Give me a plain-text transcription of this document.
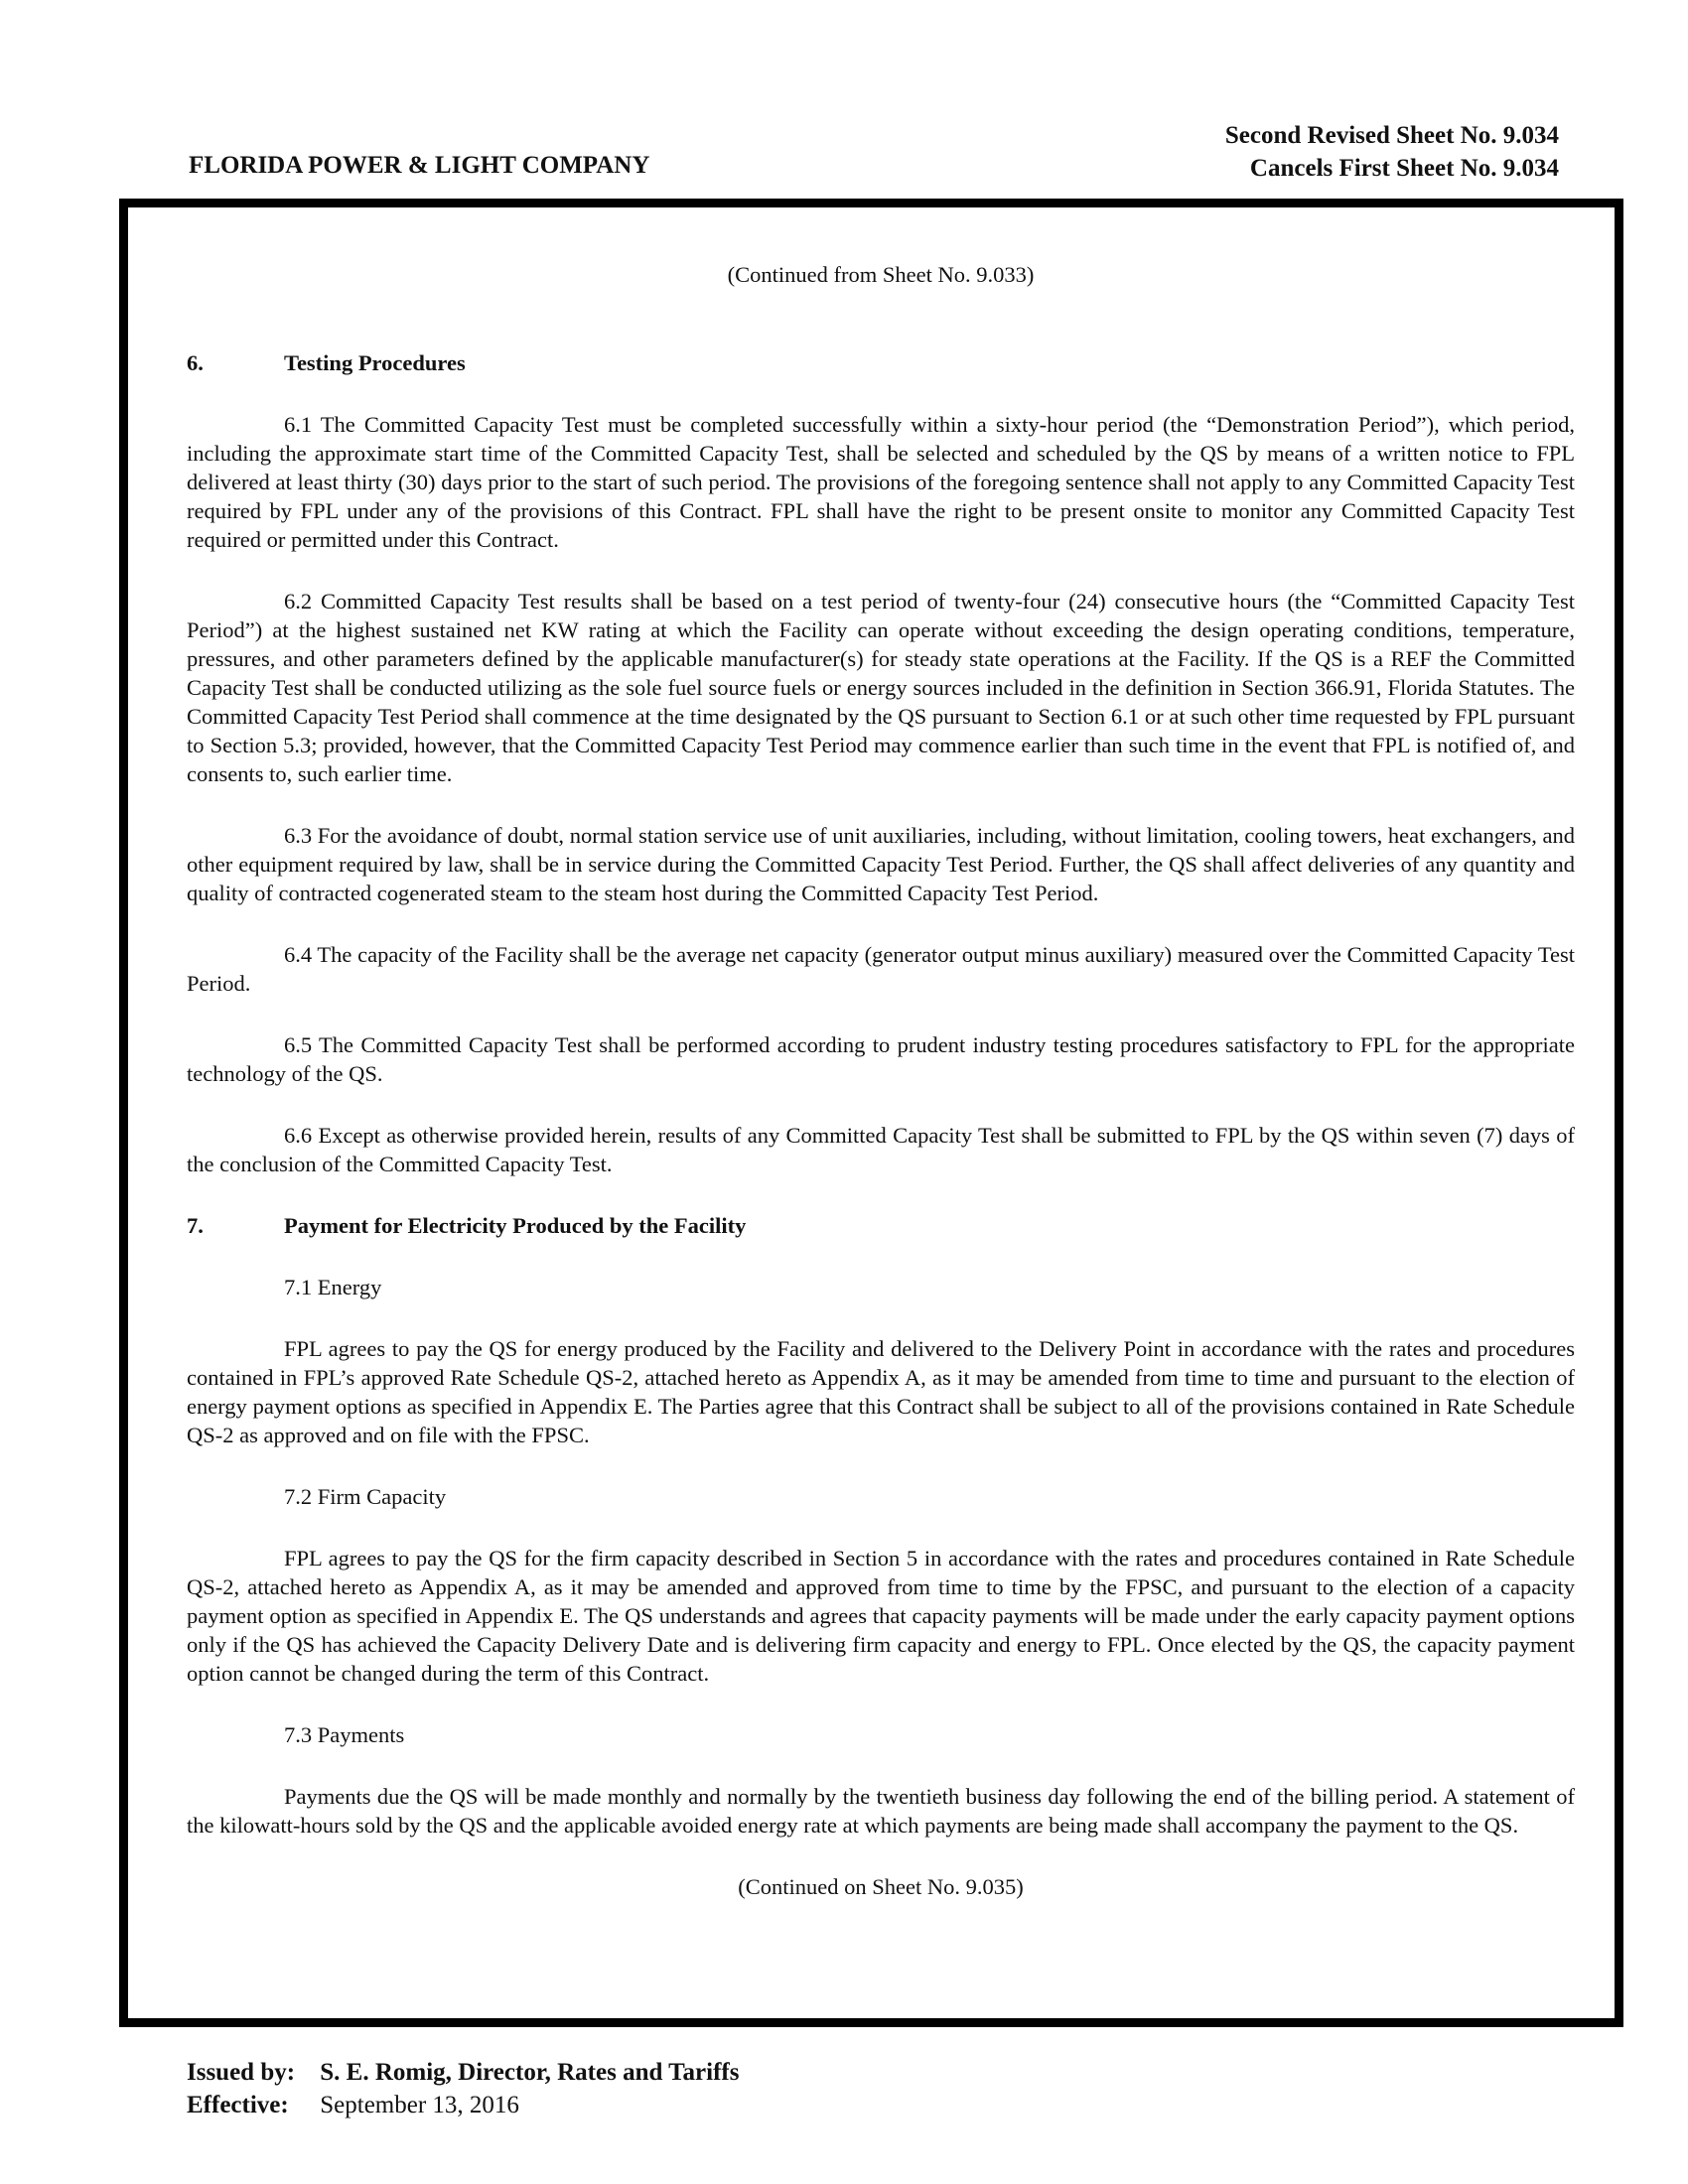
Second Revised Sheet No. 9.034
Cancels First Sheet No. 9.034
FLORIDA POWER & LIGHT COMPANY

(Continued from Sheet No. 9.033)

6.	Testing Procedures

6.1 The Committed Capacity Test must be completed successfully within a sixty-hour period (the “Demonstration Period”), which period, including the approximate start time of the Committed Capacity Test, shall be selected and scheduled by the QS by means of a written notice to FPL delivered at least thirty (30) days prior to the start of such period. The provisions of the foregoing sentence shall not apply to any Committed Capacity Test required by FPL under any of the provisions of this Contract. FPL shall have the right to be present onsite to monitor any Committed Capacity Test required or permitted under this Contract.

6.2 Committed Capacity Test results shall be based on a test period of twenty-four (24) consecutive hours (the “Committed Capacity Test Period”) at the highest sustained net KW rating at which the Facility can operate without exceeding the design operating conditions, temperature, pressures, and other parameters defined by the applicable manufacturer(s) for steady state operations at the Facility. If the QS is a REF the Committed Capacity Test shall be conducted utilizing as the sole fuel source fuels or energy sources included in the definition in Section 366.91, Florida Statutes. The Committed Capacity Test Period shall commence at the time designated by the QS pursuant to Section 6.1 or at such other time requested by FPL pursuant to Section 5.3; provided, however, that the Committed Capacity Test Period may commence earlier than such time in the event that FPL is notified of, and consents to, such earlier time.

6.3 For the avoidance of doubt, normal station service use of unit auxiliaries, including, without limitation, cooling towers, heat exchangers, and other equipment required by law, shall be in service during the Committed Capacity Test Period. Further, the QS shall affect deliveries of any quantity and quality of contracted cogenerated steam to the steam host during the Committed Capacity Test Period.

6.4 The capacity of the Facility shall be the average net capacity (generator output minus auxiliary) measured over the Committed Capacity Test Period.

6.5 The Committed Capacity Test shall be performed according to prudent industry testing procedures satisfactory to FPL for the appropriate technology of the QS.

6.6 Except as otherwise provided herein, results of any Committed Capacity Test shall be submitted to FPL by the QS within seven (7) days of the conclusion of the Committed Capacity Test.

7.	Payment for Electricity Produced by the Facility

7.1 Energy

FPL agrees to pay the QS for energy produced by the Facility and delivered to the Delivery Point in accordance with the rates and procedures contained in FPL’s approved Rate Schedule QS-2, attached hereto as Appendix A, as it may be amended from time to time and pursuant to the election of energy payment options as specified in Appendix E. The Parties agree that this Contract shall be subject to all of the provisions contained in Rate Schedule QS-2 as approved and on file with the FPSC.

7.2 Firm Capacity

FPL agrees to pay the QS for the firm capacity described in Section 5 in accordance with the rates and procedures contained in Rate Schedule QS-2, attached hereto as Appendix A, as it may be amended and approved from time to time by the FPSC, and pursuant to the election of a capacity payment option as specified in Appendix E. The QS understands and agrees that capacity payments will be made under the early capacity payment options only if the QS has achieved the Capacity Delivery Date and is delivering firm capacity and energy to FPL. Once elected by the QS, the capacity payment option cannot be changed during the term of this Contract.

7.3 Payments

Payments due the QS will be made monthly and normally by the twentieth business day following the end of the billing period. A statement of the kilowatt-hours sold by the QS and the applicable avoided energy rate at which payments are being made shall accompany the payment to the QS.

(Continued on Sheet No. 9.035)

Issued by: S. E. Romig, Director, Rates and Tariffs
Effective: September 13, 2016
